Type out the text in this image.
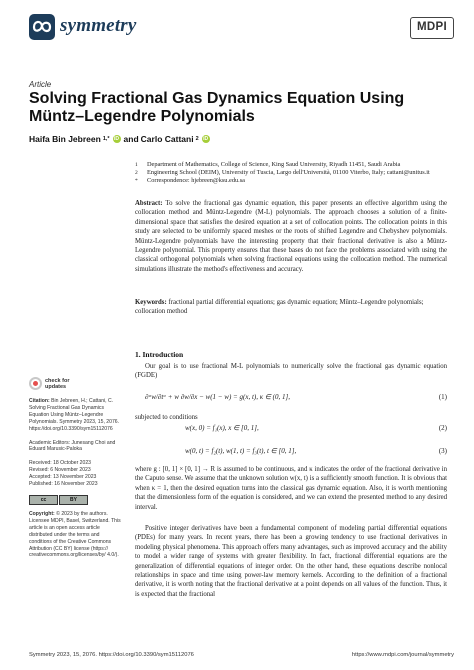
symmetry	MDPI
Article
Solving Fractional Gas Dynamics Equation Using Müntz–Legendre Polynomials
Haifa Bin Jebreen 1,* iD and Carlo Cattani 2 iD
1	Department of Mathematics, College of Science, King Saud University, Riyadh 11451, Saudi Arabia
2	Engineering School (DEIM), University of Tuscia, Largo dell'Università, 01100 Viterbo, Italy; cattani@unitus.it
*	Correspondence: hjebreen@ksu.edu.sa
Abstract: To solve the fractional gas dynamic equation, this paper presents an effective algorithm using the collocation method and Müntz-Legendre (M-L) polynomials. The approach chooses a solution of a finite-dimensional space that satisfies the desired equation at a set of collocation points. The collocation points in this study are selected to be uniformly spaced meshes or the roots of shifted Legendre and Chebyshev polynomials. Müntz-Legendre polynomials have the interesting property that their fractional derivative is also a Müntz-Legendre polynomial. This property ensures that these bases do not face the problems associated with using the classical orthogonal polynomials when solving fractional equations using the collocation method. The numerical simulations illustrate the method's effectiveness and accuracy.
Keywords: fractional partial differential equations; gas dynamic equation; Müntz–Legendre polynomials; collocation method
check for
updates
Citation: Bin Jebreen, H.; Cattani, C. Solving Fractional Gas Dynamics Equation Using Müntz–Legendre Polynomials. Symmetry 2023, 15, 2076. https://doi.org/10.3390/sym15112076
Academic Editors: Junesang Choi and Eduard Marusic-Paloka
Received: 18 October 2023
Revised: 6 November 2023
Accepted: 13 November 2023
Published: 16 November 2023
cc	BY
Copyright: © 2023 by the authors. Licensee MDPI, Basel, Switzerland. This article is an open access article distributed under the terms and conditions of the Creative Commons Attribution (CC BY) license (https:// creativecommons.org/licenses/by/ 4.0/).
1. Introduction
Our goal is to use fractional M-L polynomials to numerically solve the fractional gas dynamic equation (FGDE)
∂ᵅw/∂tᵅ + w ∂w/∂x − w(1 − w) = g(x, t), κ ∈ (0, 1],	(1)
subjected to conditions
w(x, 0) = f₁(x), x ∈ [0, 1],	(2)
w(0, t) = f₂(t), w(1, t) = f₃(t), t ∈ [0, 1],	(3)
where g : [0, 1] × [0, 1] → R is assumed to be continuous, and κ indicates the order of the fractional derivative in the Caputo sense. We assume that the unknown solution w(x, t) is a sufficiently smooth function. It is obvious that when κ = 1, then the desired equation turns into the classical gas dynamic equation. Also, it is worth mentioning that the dimensionless form of the equation is considered, and we can extend the presented method to any desired interval.
Positive integer derivatives have been a fundamental component of modeling partial differential equations (PDEs) for many years. In recent years, there has been a growing tendency to use fractional derivatives in modeling physical phenomena. This approach offers many advantages, such as improved accuracy and the ability to model a wider range of systems with greater flexibility. In fact, fractional differential equations are the generalization of differential equations of integer order. On the other hand, these equations describe nonlocal relationships in space and time using power-law memory kernels. According to the definition of a fractional derivative, it is worth noting that the fractional derivative at a point depends on all values of the function. Thus, it is expected that the fractional
Symmetry 2023, 15, 2076. https://doi.org/10.3390/sym15112076	https://www.mdpi.com/journal/symmetry
